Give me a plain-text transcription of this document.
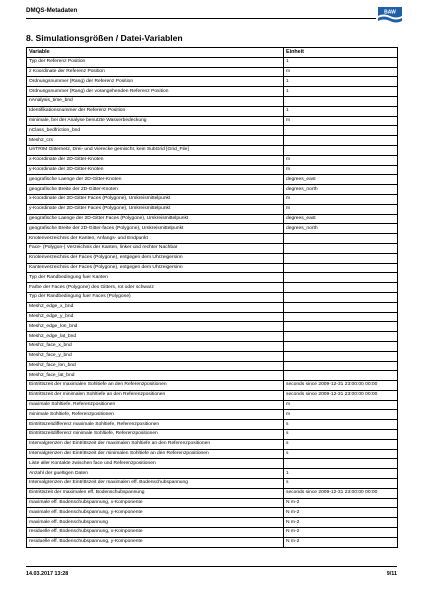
DMQS-Metadaten	BAW
8. Simulationsgrößen / Datei-Variablen
Variable	Einheit
Typ der Referenz Position	1
z Koordinate der Referenz Position	m
Ordnungsnummer (Rang) der Referenz Position	1
Ordnungsnummer (Rang) der vorangehenden Referenz Position	1
nAnalysis_time_bnd	
Identifikationsnummer der Referenz Position	1
minimale, bei der Analyse benutzte Wasserbedeckung	m
nClass_bedfriction_bnd	
Mesh2_crs	
UnTRIM Gitternetz, Drei- und Vierecke gemischt, kein SubGrid [Grid_File]	
x-Koordinate der 2D-Gitter-Knoten	m
y-Koordinate der 2D-Gitter-Knoten	m
geografische Laenge der 2D-Gitter-Knoten	degrees_east
geografische Breite der 2D-Gitter-Knoten	degrees_north
x-Koordinate der 2D-Gitter Faces (Polygone), Umkreismittelpunkt	m
y-Koordinate der 2D-Gitter Faces (Polygone), Umkreismittelpunkt	m
geografische Laenge der 2D-Gitter Faces (Polygone), Umkreismittelpunkt	degrees_east
geografische Breite der 2D-Gitter-faces (Polygone), Umkreismittelpunkt	degrees_north
Knotenverzeichnis der Kanten, Anfangs- und Endpunkt	
Face- (Polygon-) Verzeichnis der Kanten, linker und rechter Nachbar	
Knotenverzeichnis der Faces (Polygone), entgegen dem Uhrzeigersinn	
Kantenverzeichnis der Faces (Polygone), entgegen dem Uhrzeigersinn	
Typ der Randbedingung fuer Kanten	
Farbe der Faces (Polygone) des Gitters, rot oder schwarz	
Typ der Randbedingung fuer Faces (Polygone)	
Mesh2_edge_x_bnd	
Mesh2_edge_y_bnd	
Mesh2_edge_lon_bnd	
Mesh2_edge_lat_bnd	
Mesh2_face_x_bnd	
Mesh2_face_y_bnd	
Mesh2_face_lon_bnd	
Mesh2_face_lat_bnd	
Eintrittszeit der maximalen Sohltiefe an den Referenzpositionen	seconds since 2009-12-31 23:00:00 00:00
Eintrittszeit der minimalen Sohltiefe an den Referenzpositionen	seconds since 2009-12-31 23:00:00 00:00
maximale Sohltiefe, Referenzpositionen	m
minimale Sohltiefe, Referenzpositionen	m
Eintrittszeitdifferenz maximale Sohltiefe, Referenzpositionen	s
Eintrittszeitdifferenz minimale Sohltiefe, Referenzpositionen	s
Intervalgrenzen der Eintrittszeit der maximalen Sohltiefe an den Referenzpositionen	s
Intervalgrenzen der Eintrittszeit der minimalen Sohltiefe an den Referenzpositionen	s
Liste aller Kontakte zwischen face und Referenzpositionen	
Anzahl der gueltigen Daten	1
Intervalgrenzen der Eintrittszeit der maximalen eff. Bodenschubspannung	s
Eintrittszeit der maximalen eff. Bodenschubspannung	seconds since 2009-12-31 23:00:00 00:00
maximale eff. Bodenschubspannung, x-Komponente	N m-2
maximale eff. Bodenschubspannung, y-Komponente	N m-2
maximale eff. Bodenschubspannung	N m-2
residuelle eff. Bodenschubspannung, x-Komponente	N m-2
residuelle eff. Bodenschubspannung, y-Komponente	N m-2
14.03.2017 13:28	9/11
